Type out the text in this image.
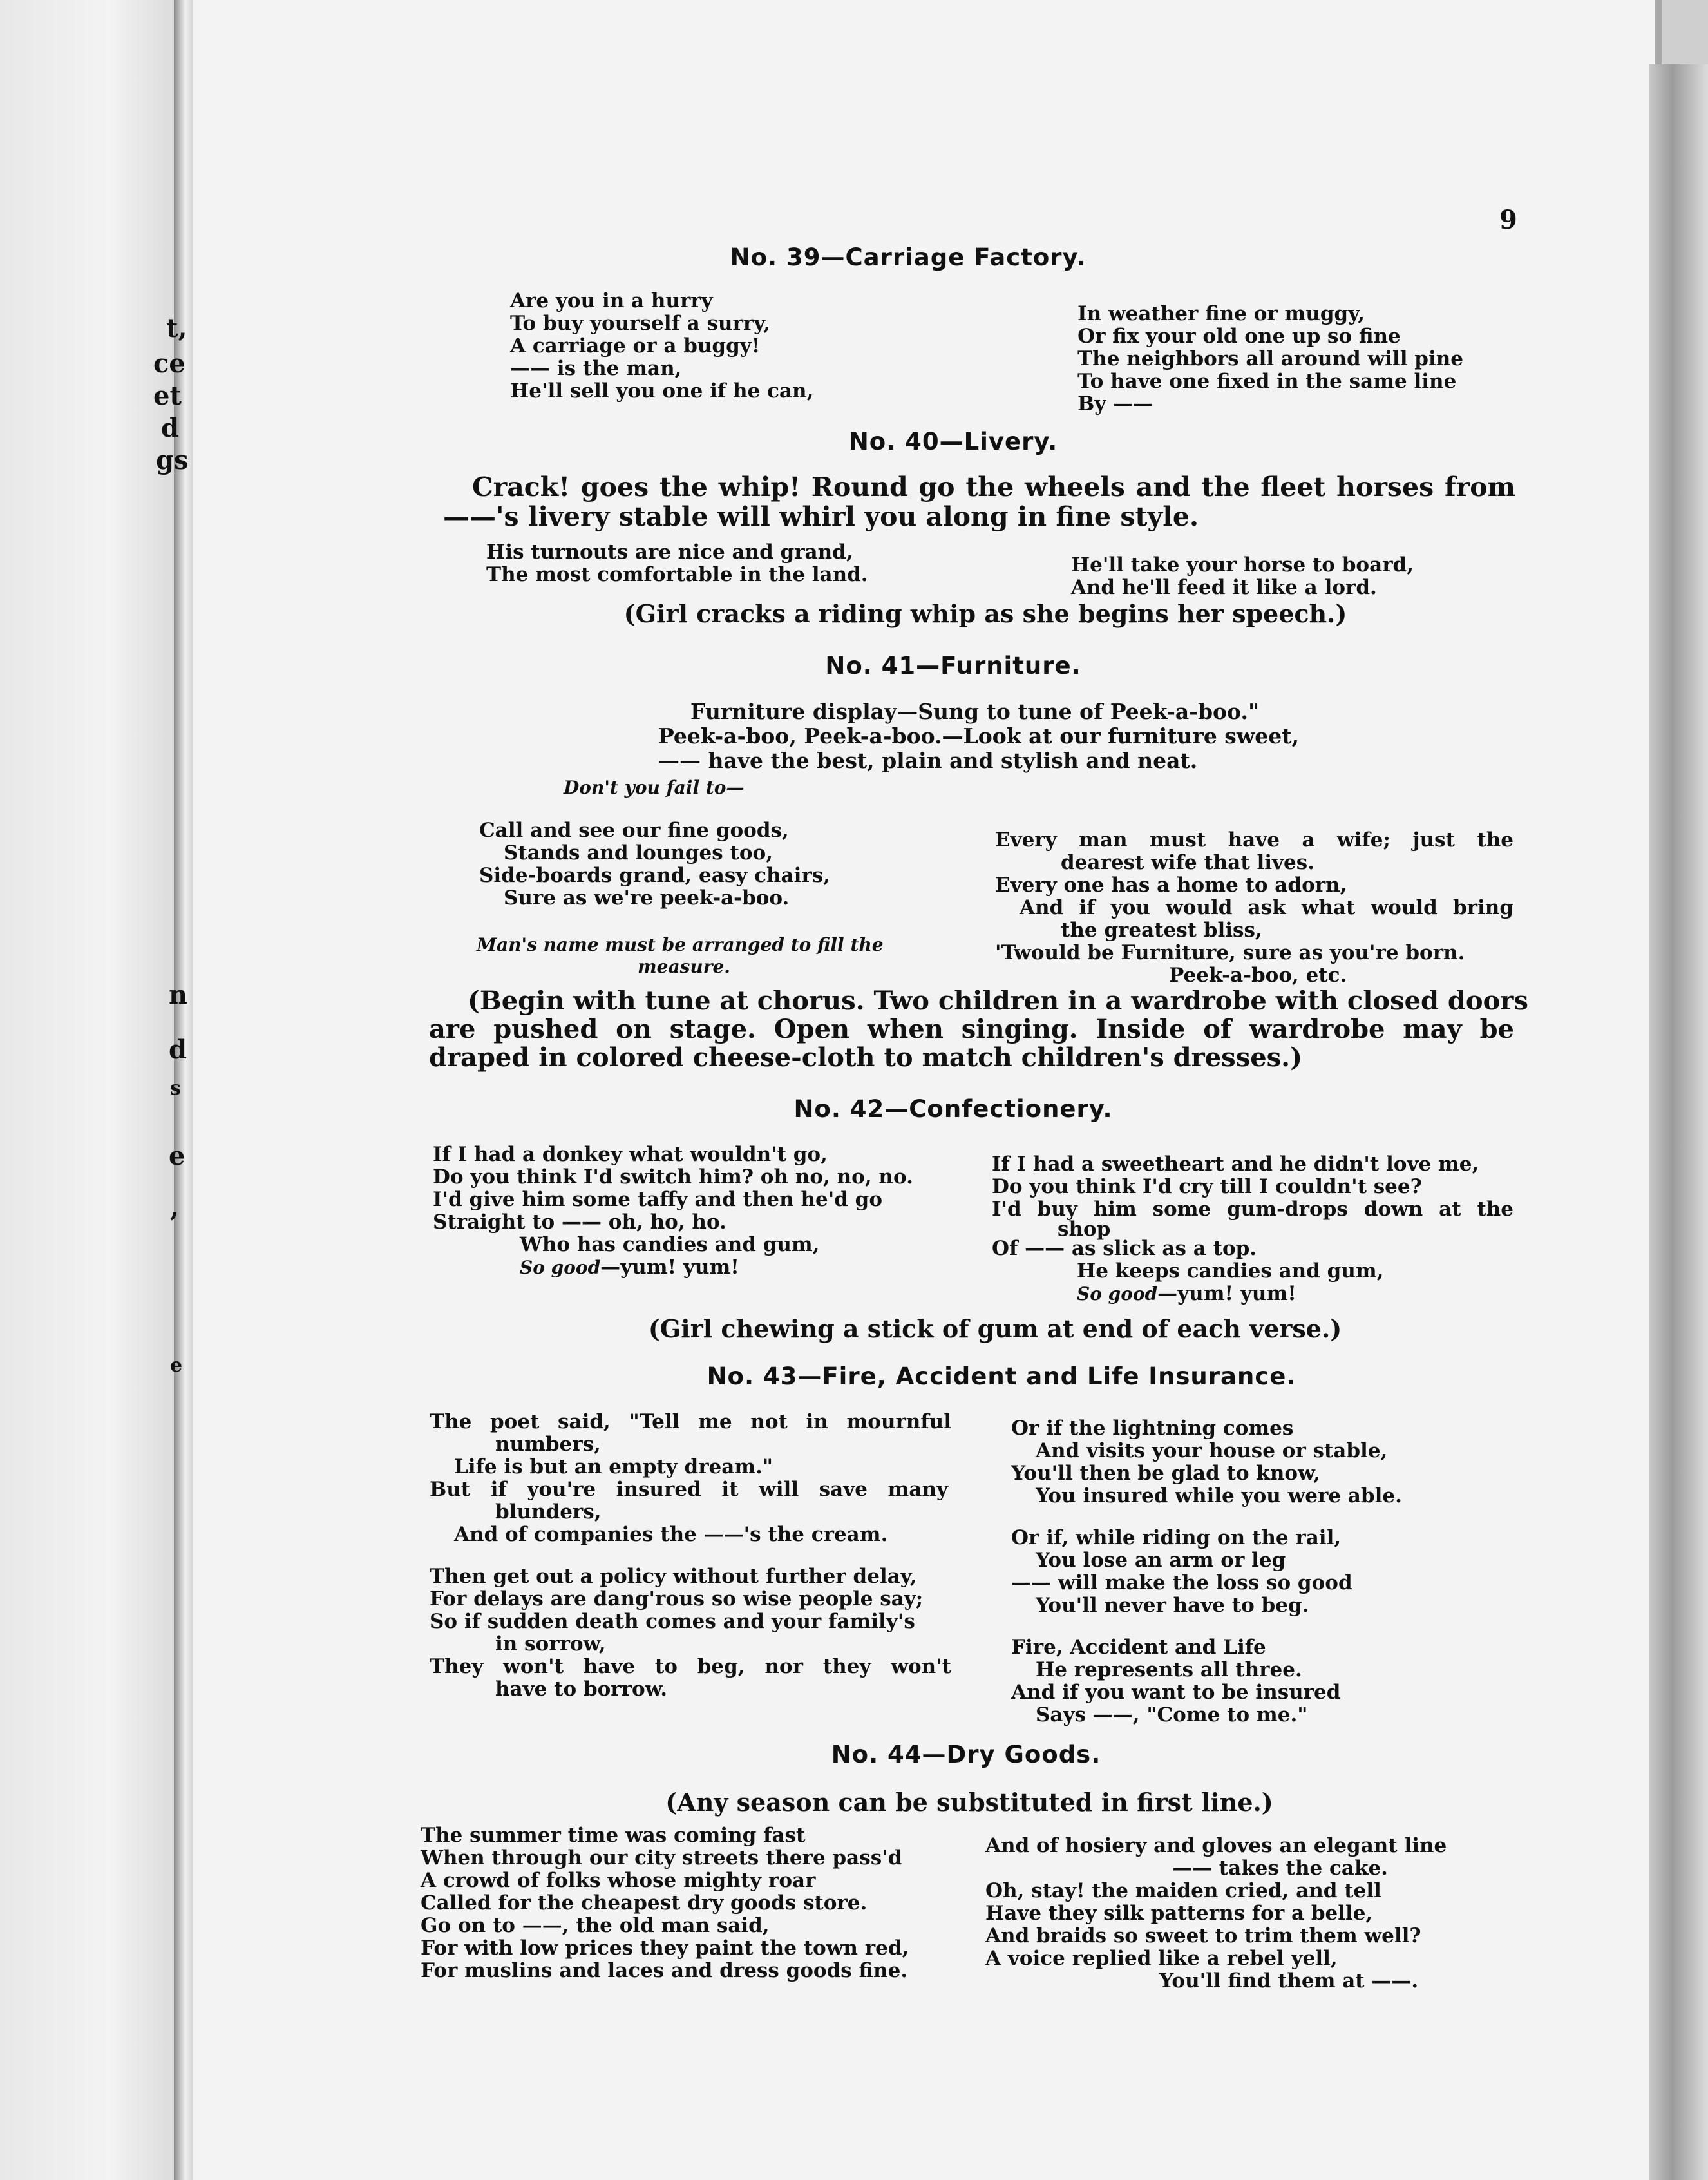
t,
ce
et
d
gs
n
d
s
e
,
e
9
No. 39—Carriage Factory.
Are you in a hurry
To buy yourself a surry,
A carriage or a buggy!
—— is the man,
He'll sell you one if he can,
In weather fine or muggy,
Or fix your old one up so fine
The neighbors all around will pine
To have one fixed in the same line
By ——
No. 40—Livery.
Crack! goes the whip! Round go the wheels and the fleet horses from
——'s livery stable will whirl you along in fine style.
His turnouts are nice and grand,
The most comfortable in the land.	He'll take your horse to board,
And he'll feed it like a lord.
(Girl cracks a riding whip as she begins her speech.)
No. 41—Furniture.
Furniture display—Sung to tune of Peek-a-boo."
Peek-a-boo, Peek-a-boo.—Look at our furniture sweet,
—— have the best, plain and stylish and neat.
Don't you fail to—
Call and see our fine goods,
Stands and lounges too,
Side-boards grand, easy chairs,
Sure as we're peek-a-boo.
Man's name must be arranged to fill the
measure.
Every man must have a wife; just the
dearest wife that lives.
Every one has a home to adorn,
And if you would ask what would bring
the greatest bliss,
'Twould be Furniture, sure as you're born.
Peek-a-boo, etc.
(Begin with tune at chorus. Two children in a wardrobe with closed doors
are pushed on stage. Open when singing. Inside of wardrobe may be
draped in colored cheese-cloth to match children's dresses.)
No. 42—Confectionery.
If I had a donkey what wouldn't go,
Do you think I'd switch him? oh no, no, no.
I'd give him some taffy and then he'd go
Straight to —— oh, ho, ho.
Who has candies and gum,
So good—yum! yum!
If I had a sweetheart and he didn't love me,
Do you think I'd cry till I couldn't see?
I'd buy him some gum-drops down at the
shop
Of —— as slick as a top.
He keeps candies and gum,
So good—yum! yum!
(Girl chewing a stick of gum at end of each verse.)
No. 43—Fire, Accident and Life Insurance.
The poet said, "Tell me not in mournful
numbers,
Life is but an empty dream."
But if you're insured it will save many
blunders,
And of companies the ——'s the cream.
Then get out a policy without further delay,
For delays are dang'rous so wise people say;
So if sudden death comes and your family's
in sorrow,
They won't have to beg, nor they won't
have to borrow.
Or if the lightning comes
And visits your house or stable,
You'll then be glad to know,
You insured while you were able.
Or if, while riding on the rail,
You lose an arm or leg
—— will make the loss so good
You'll never have to beg.
Fire, Accident and Life
He represents all three.
And if you want to be insured
Says ——, "Come to me."
No. 44—Dry Goods.
(Any season can be substituted in first line.)
The summer time was coming fast
When through our city streets there pass'd
A crowd of folks whose mighty roar
Called for the cheapest dry goods store.
Go on to ——, the old man said,
For with low prices they paint the town red,
For muslins and laces and dress goods fine.
And of hosiery and gloves an elegant line
—— takes the cake.
Oh, stay! the maiden cried, and tell
Have they silk patterns for a belle,
And braids so sweet to trim them well?
A voice replied like a rebel yell,
You'll find them at ——.
